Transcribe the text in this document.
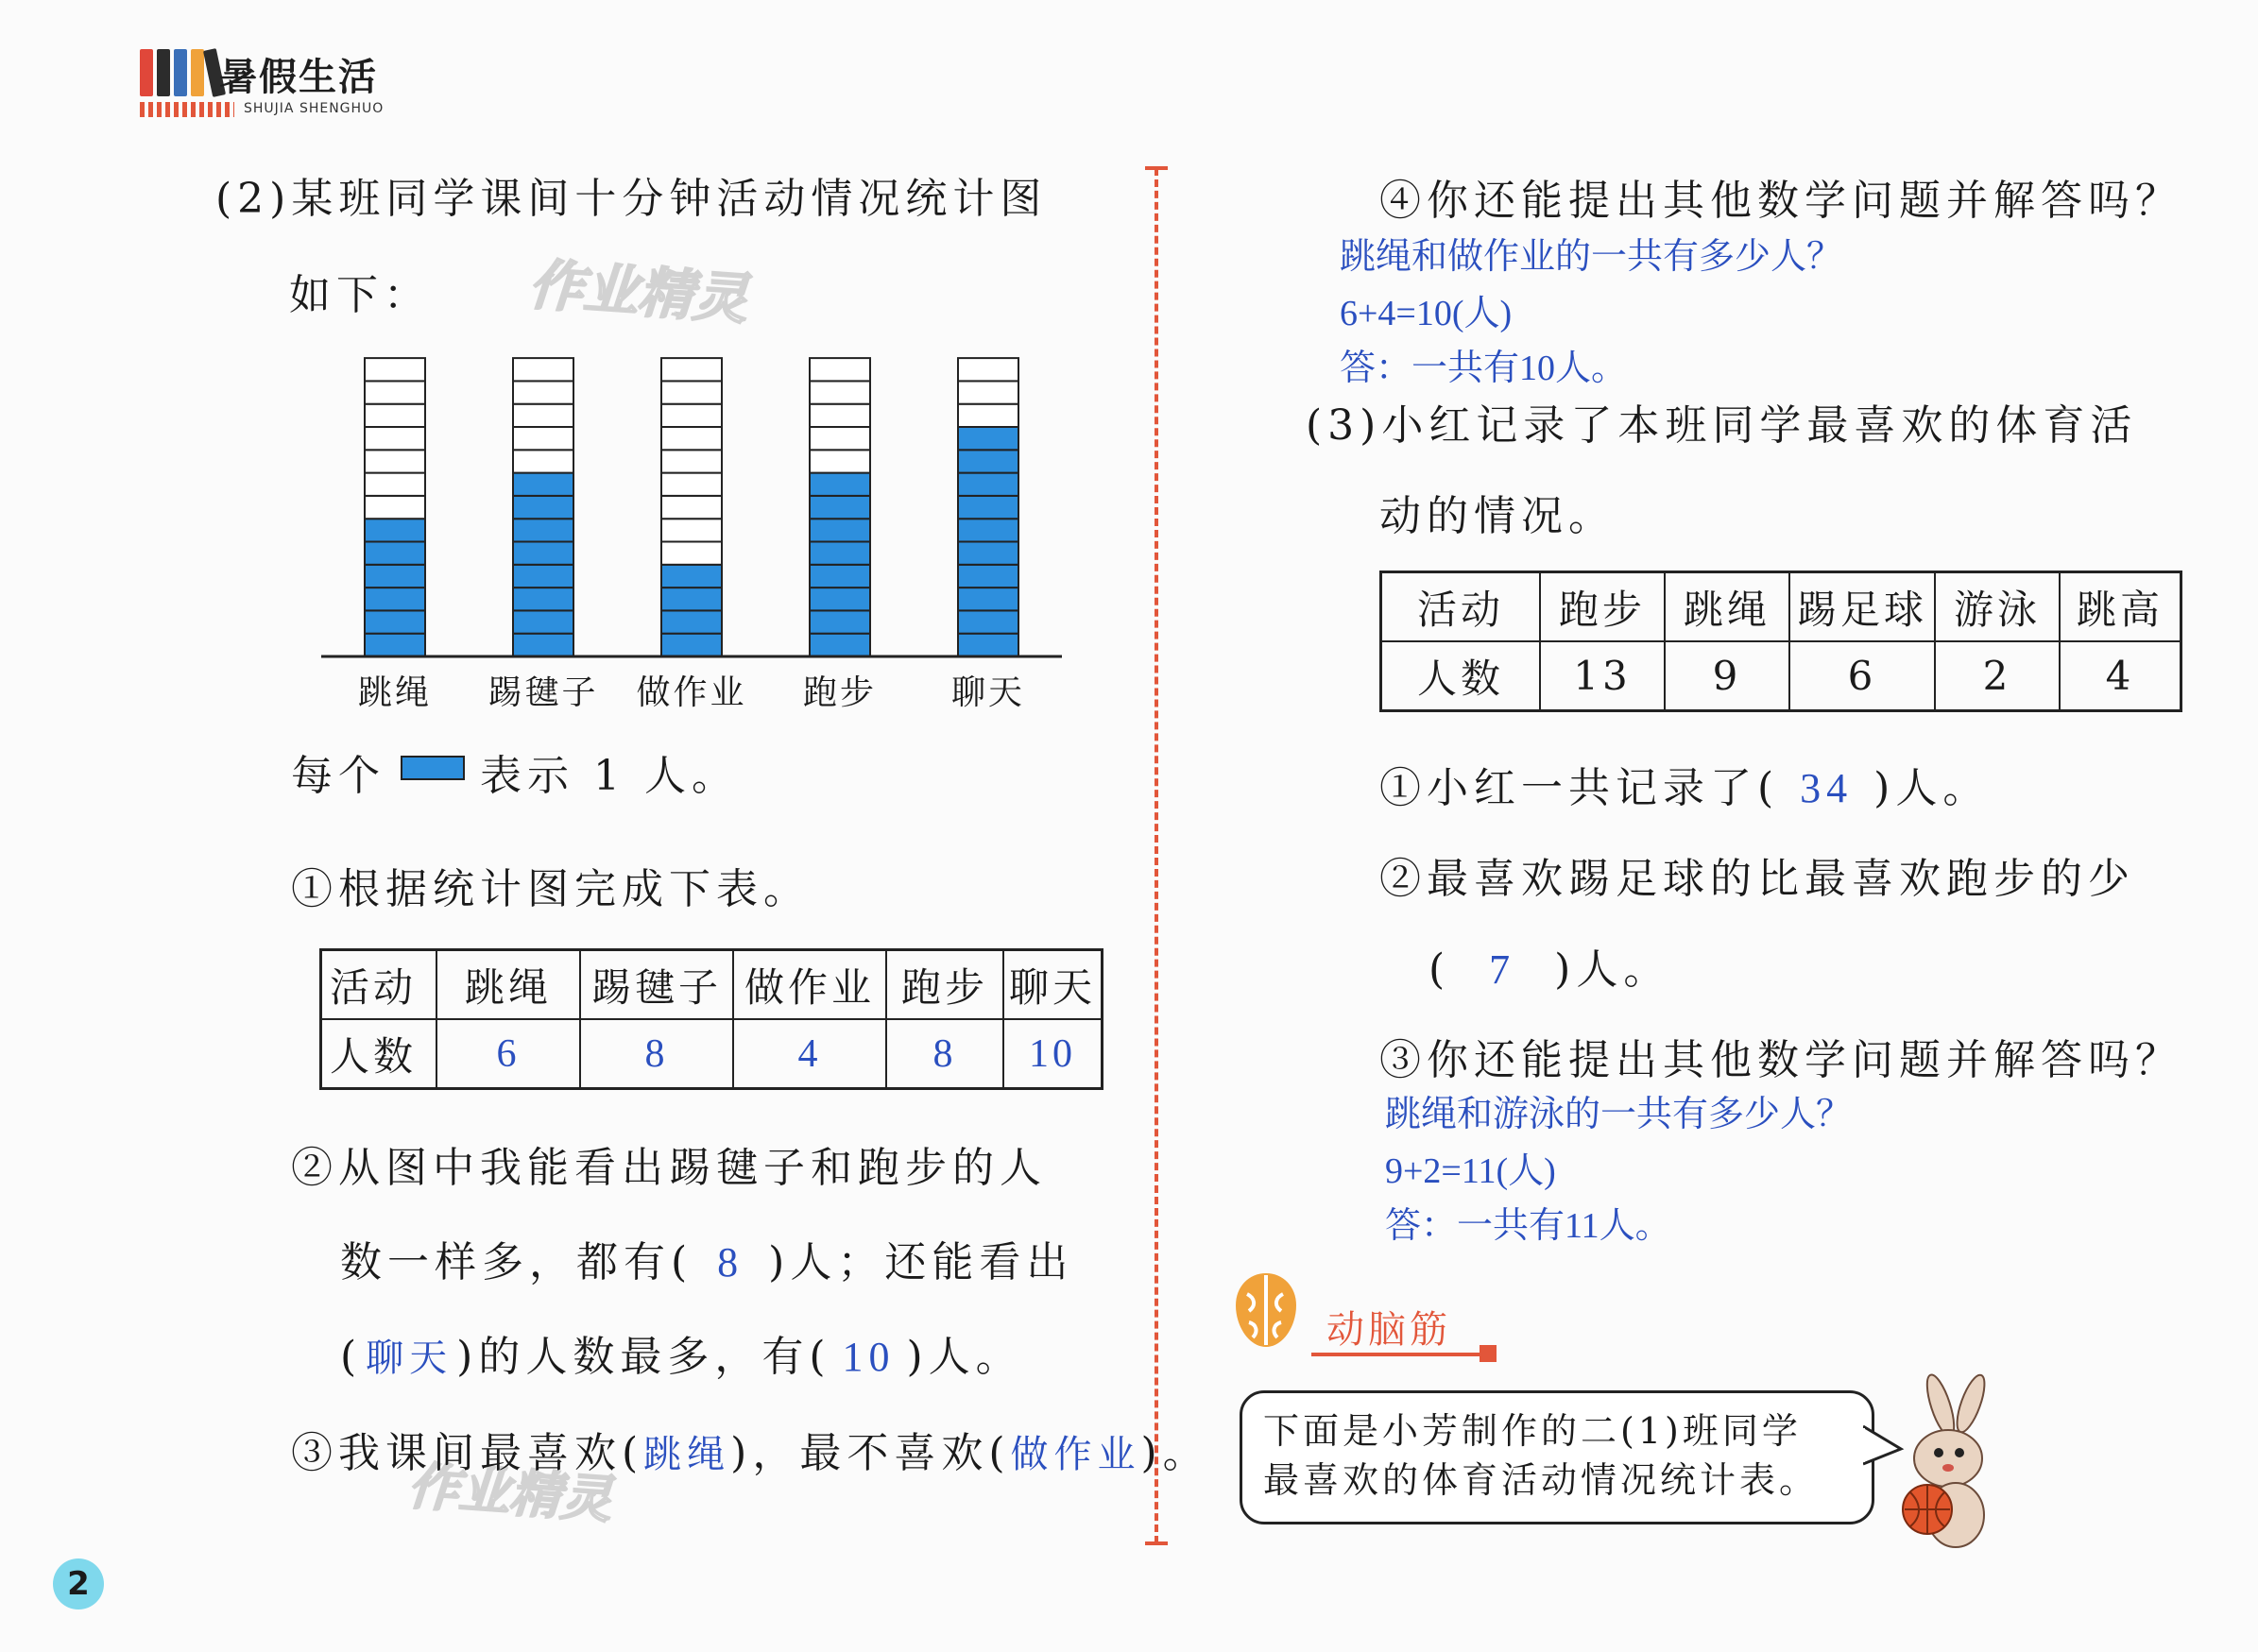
暑假生活
SHUJIA SHENGHUO
作业精灵
作业精灵
(2)某班同学课间十分钟活动情况统计图
如下：
跳绳 踢毽子 做作业 跑步 聊天
每个 表示 1 人。
①根据统计图完成下表。
活动	跳绳	踢毽子	做作业	跑步	聊天
人数	6	8	4	8	10
②从图中我能看出踢毽子和跑步的人
数一样多，都有( 8 )人；还能看出
( 聊天)的人数最多，有( 10 )人。
③我课间最喜欢(跳绳)，最不喜欢(做作业)。
④你还能提出其他数学问题并解答吗？
跳绳和做作业的一共有多少人？
6+4=10(人)
答：一共有10人。
(3)小红记录了本班同学最喜欢的体育活
动的情况。
活动	跑步	跳绳	踢足球	游泳	跳高
人数	13	9	6	2	4
①小红一共记录了( 34 )人。
②最喜欢踢足球的比最喜欢跑步的少
( 7 )人。
③你还能提出其他数学问题并解答吗？
跳绳和游泳的一共有多少人？
9+2=11(人)
答：一共有11人。
动脑筋
下面是小芳制作的二(1)班同学
最喜欢的体育活动情况统计表。
2
